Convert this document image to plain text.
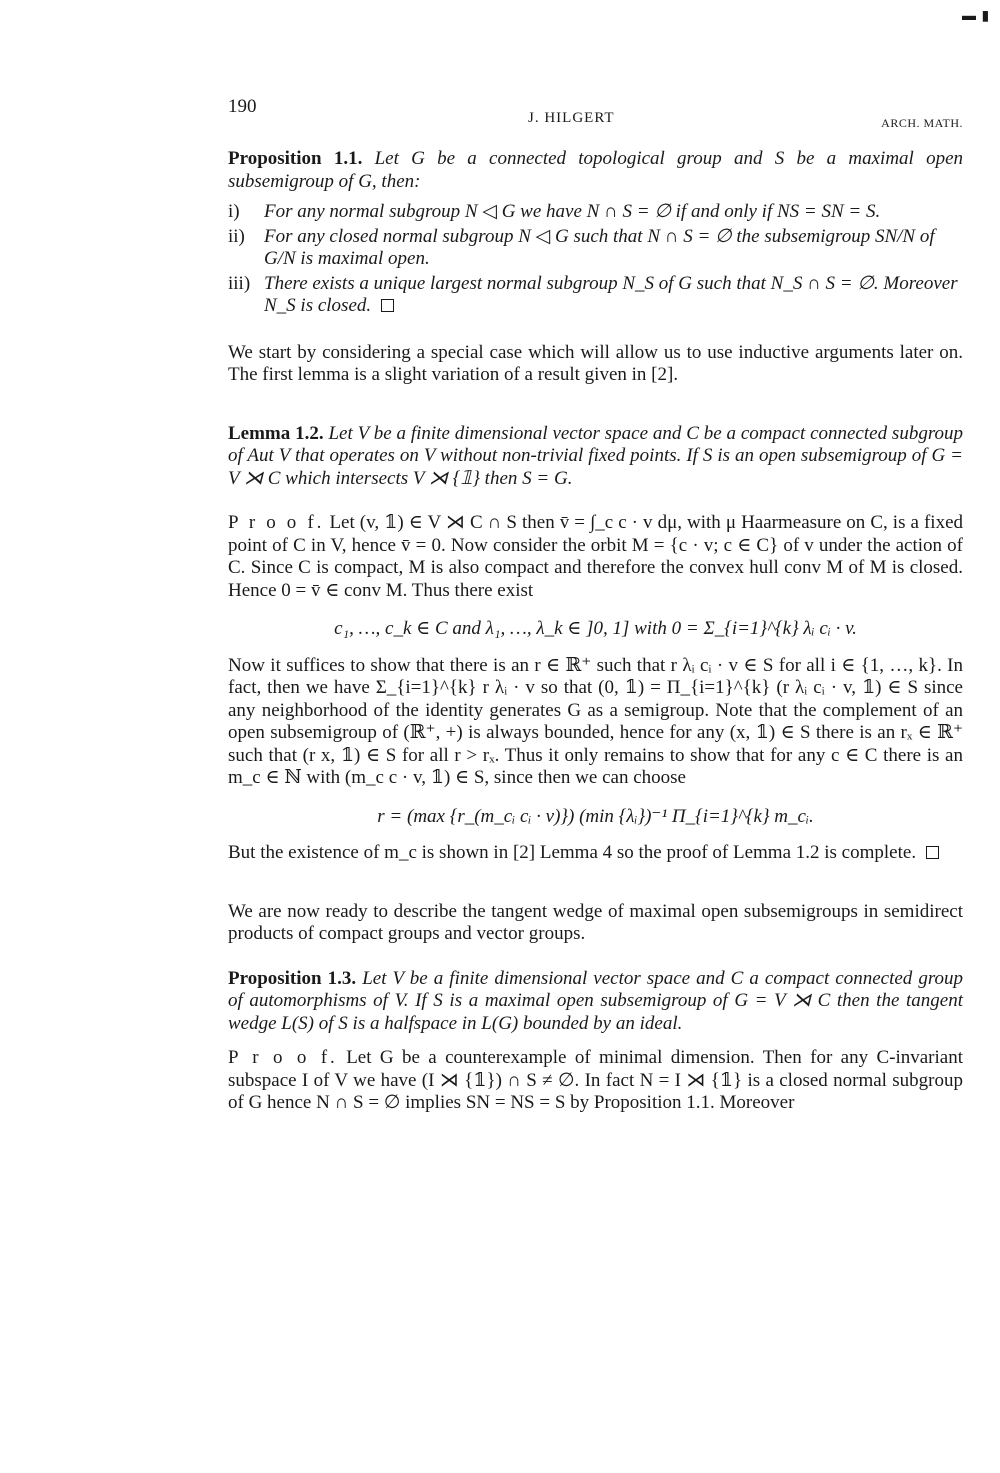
▬ ▮
190
J. HILGERT	ARCH. MATH.

Proposition 1.1. Let G be a connected topological group and S be a maximal open subsemigroup of G, then:

i)	For any normal subgroup N ◁ G we have N ∩ S = ∅ if and only if NS = SN = S.
ii)	For any closed normal subgroup N ◁ G such that N ∩ S = ∅ the subsemigroup SN/N of G/N is maximal open.
iii) There exists a unique largest normal subgroup N_S of G such that N_S ∩ S = ∅. Moreover N_S is closed.

We start by considering a special case which will allow us to use inductive arguments later on. The first lemma is a slight variation of a result given in [2].

Lemma 1.2. Let V be a finite dimensional vector space and C be a compact connected subgroup of Aut V that operates on V without non-trivial fixed points. If S is an open subsemigroup of G = V ⋊ C which intersects V ⋊ {𝟙} then S = G.

P r o o f. Let (v, 𝟙) ∈ V ⋊ C ∩ S then v̄ = ∫_c c · v dμ, with μ Haarmeasure on C, is a fixed point of C in V, hence v̄ = 0. Now consider the orbit M = {c · v; c ∈ C} of v under the action of C. Since C is compact, M is also compact and therefore the convex hull conv M of M is closed. Hence 0 = v̄ ∈ conv M. Thus there exist

c₁, …, c_k ∈ C and λ₁, …, λ_k ∈ ]0, 1] with 0 = Σ_{i=1}^{k} λᵢ cᵢ · v.

Now it suffices to show that there is an r ∈ ℝ⁺ such that r λᵢ cᵢ · v ∈ S for all i ∈ {1, …, k}. In fact, then we have Σ_{i=1}^{k} r λᵢ · v so that (0, 𝟙) = Π_{i=1}^{k} (r λᵢ cᵢ · v, 𝟙) ∈ S since any neighborhood of the identity generates G as a semigroup. Note that the complement of an open subsemigroup of (ℝ⁺, +) is always bounded, hence for any (x, 𝟙) ∈ S there is an rₓ ∈ ℝ⁺ such that (r x, 𝟙) ∈ S for all r > rₓ. Thus it only remains to show that for any c ∈ C there is an m_c ∈ ℕ with (m_c c · v, 𝟙) ∈ S, since then we can choose

r = (max {r_(m_cᵢ cᵢ · v)}) (min {λᵢ})⁻¹ Π_{i=1}^{k} m_cᵢ.

But the existence of m_c is shown in [2] Lemma 4 so the proof of Lemma 1.2 is complete.

We are now ready to describe the tangent wedge of maximal open subsemigroups in semidirect products of compact groups and vector groups.

Proposition 1.3. Let V be a finite dimensional vector space and C a compact connected group of automorphisms of V. If S is a maximal open subsemigroup of G = V ⋊ C then the tangent wedge L(S) of S is a halfspace in L(G) bounded by an ideal.

P r o o f. Let G be a counterexample of minimal dimension. Then for any C-invariant subspace I of V we have (I ⋊ {𝟙}) ∩ S ≠ ∅. In fact N = I ⋊ {𝟙} is a closed normal subgroup of G hence N ∩ S = ∅ implies SN = NS = S by Proposition 1.1. Moreover
